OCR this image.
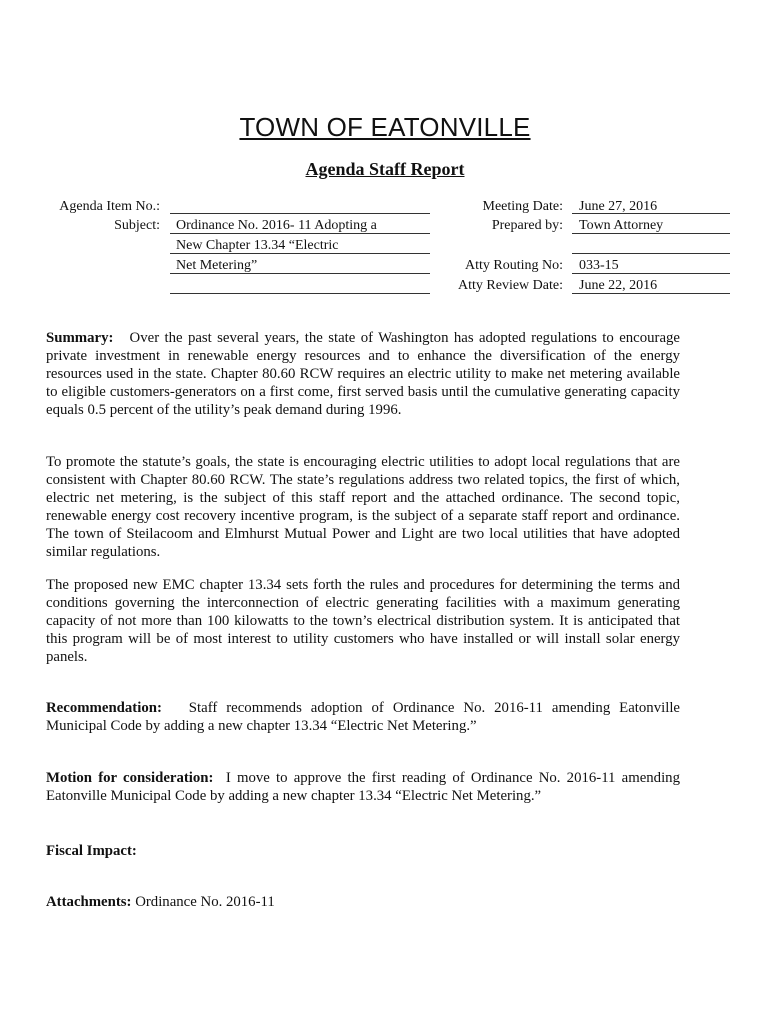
TOWN OF EATONVILLE
Agenda Staff Report
Agenda Item No.:
Subject: Ordinance No. 2016- 11 Adopting a
New Chapter 13.34 “Electric
Net Metering”
Meeting Date: June 27, 2016
Prepared by: Town Attorney
Atty Routing No: 033-15
Atty Review Date: June 22, 2016
Summary: Over the past several years, the state of Washington has adopted regulations to encourage private investment in renewable energy resources and to enhance the diversification of the energy resources used in the state. Chapter 80.60 RCW requires an electric utility to make net metering available to eligible customers-generators on a first come, first served basis until the cumulative generating capacity equals 0.5 percent of the utility’s peak demand during 1996.
To promote the statute’s goals, the state is encouraging electric utilities to adopt local regulations that are consistent with Chapter 80.60 RCW. The state’s regulations address two related topics, the first of which, electric net metering, is the subject of this staff report and the attached ordinance. The second topic, renewable energy cost recovery incentive program, is the subject of a separate staff report and ordinance. The town of Steilacoom and Elmhurst Mutual Power and Light are two local utilities that have adopted similar regulations.
The proposed new EMC chapter 13.34 sets forth the rules and procedures for determining the terms and conditions governing the interconnection of electric generating facilities with a maximum generating capacity of not more than 100 kilowatts to the town’s electrical distribution system. It is anticipated that this program will be of most interest to utility customers who have installed or will install solar energy panels.
Recommendation: Staff recommends adoption of Ordinance No. 2016-11 amending Eatonville Municipal Code by adding a new chapter 13.34 “Electric Net Metering.”
Motion for consideration: I move to approve the first reading of Ordinance No. 2016-11 amending Eatonville Municipal Code by adding a new chapter 13.34 “Electric Net Metering.”
Fiscal Impact:
Attachments: Ordinance No. 2016-11
